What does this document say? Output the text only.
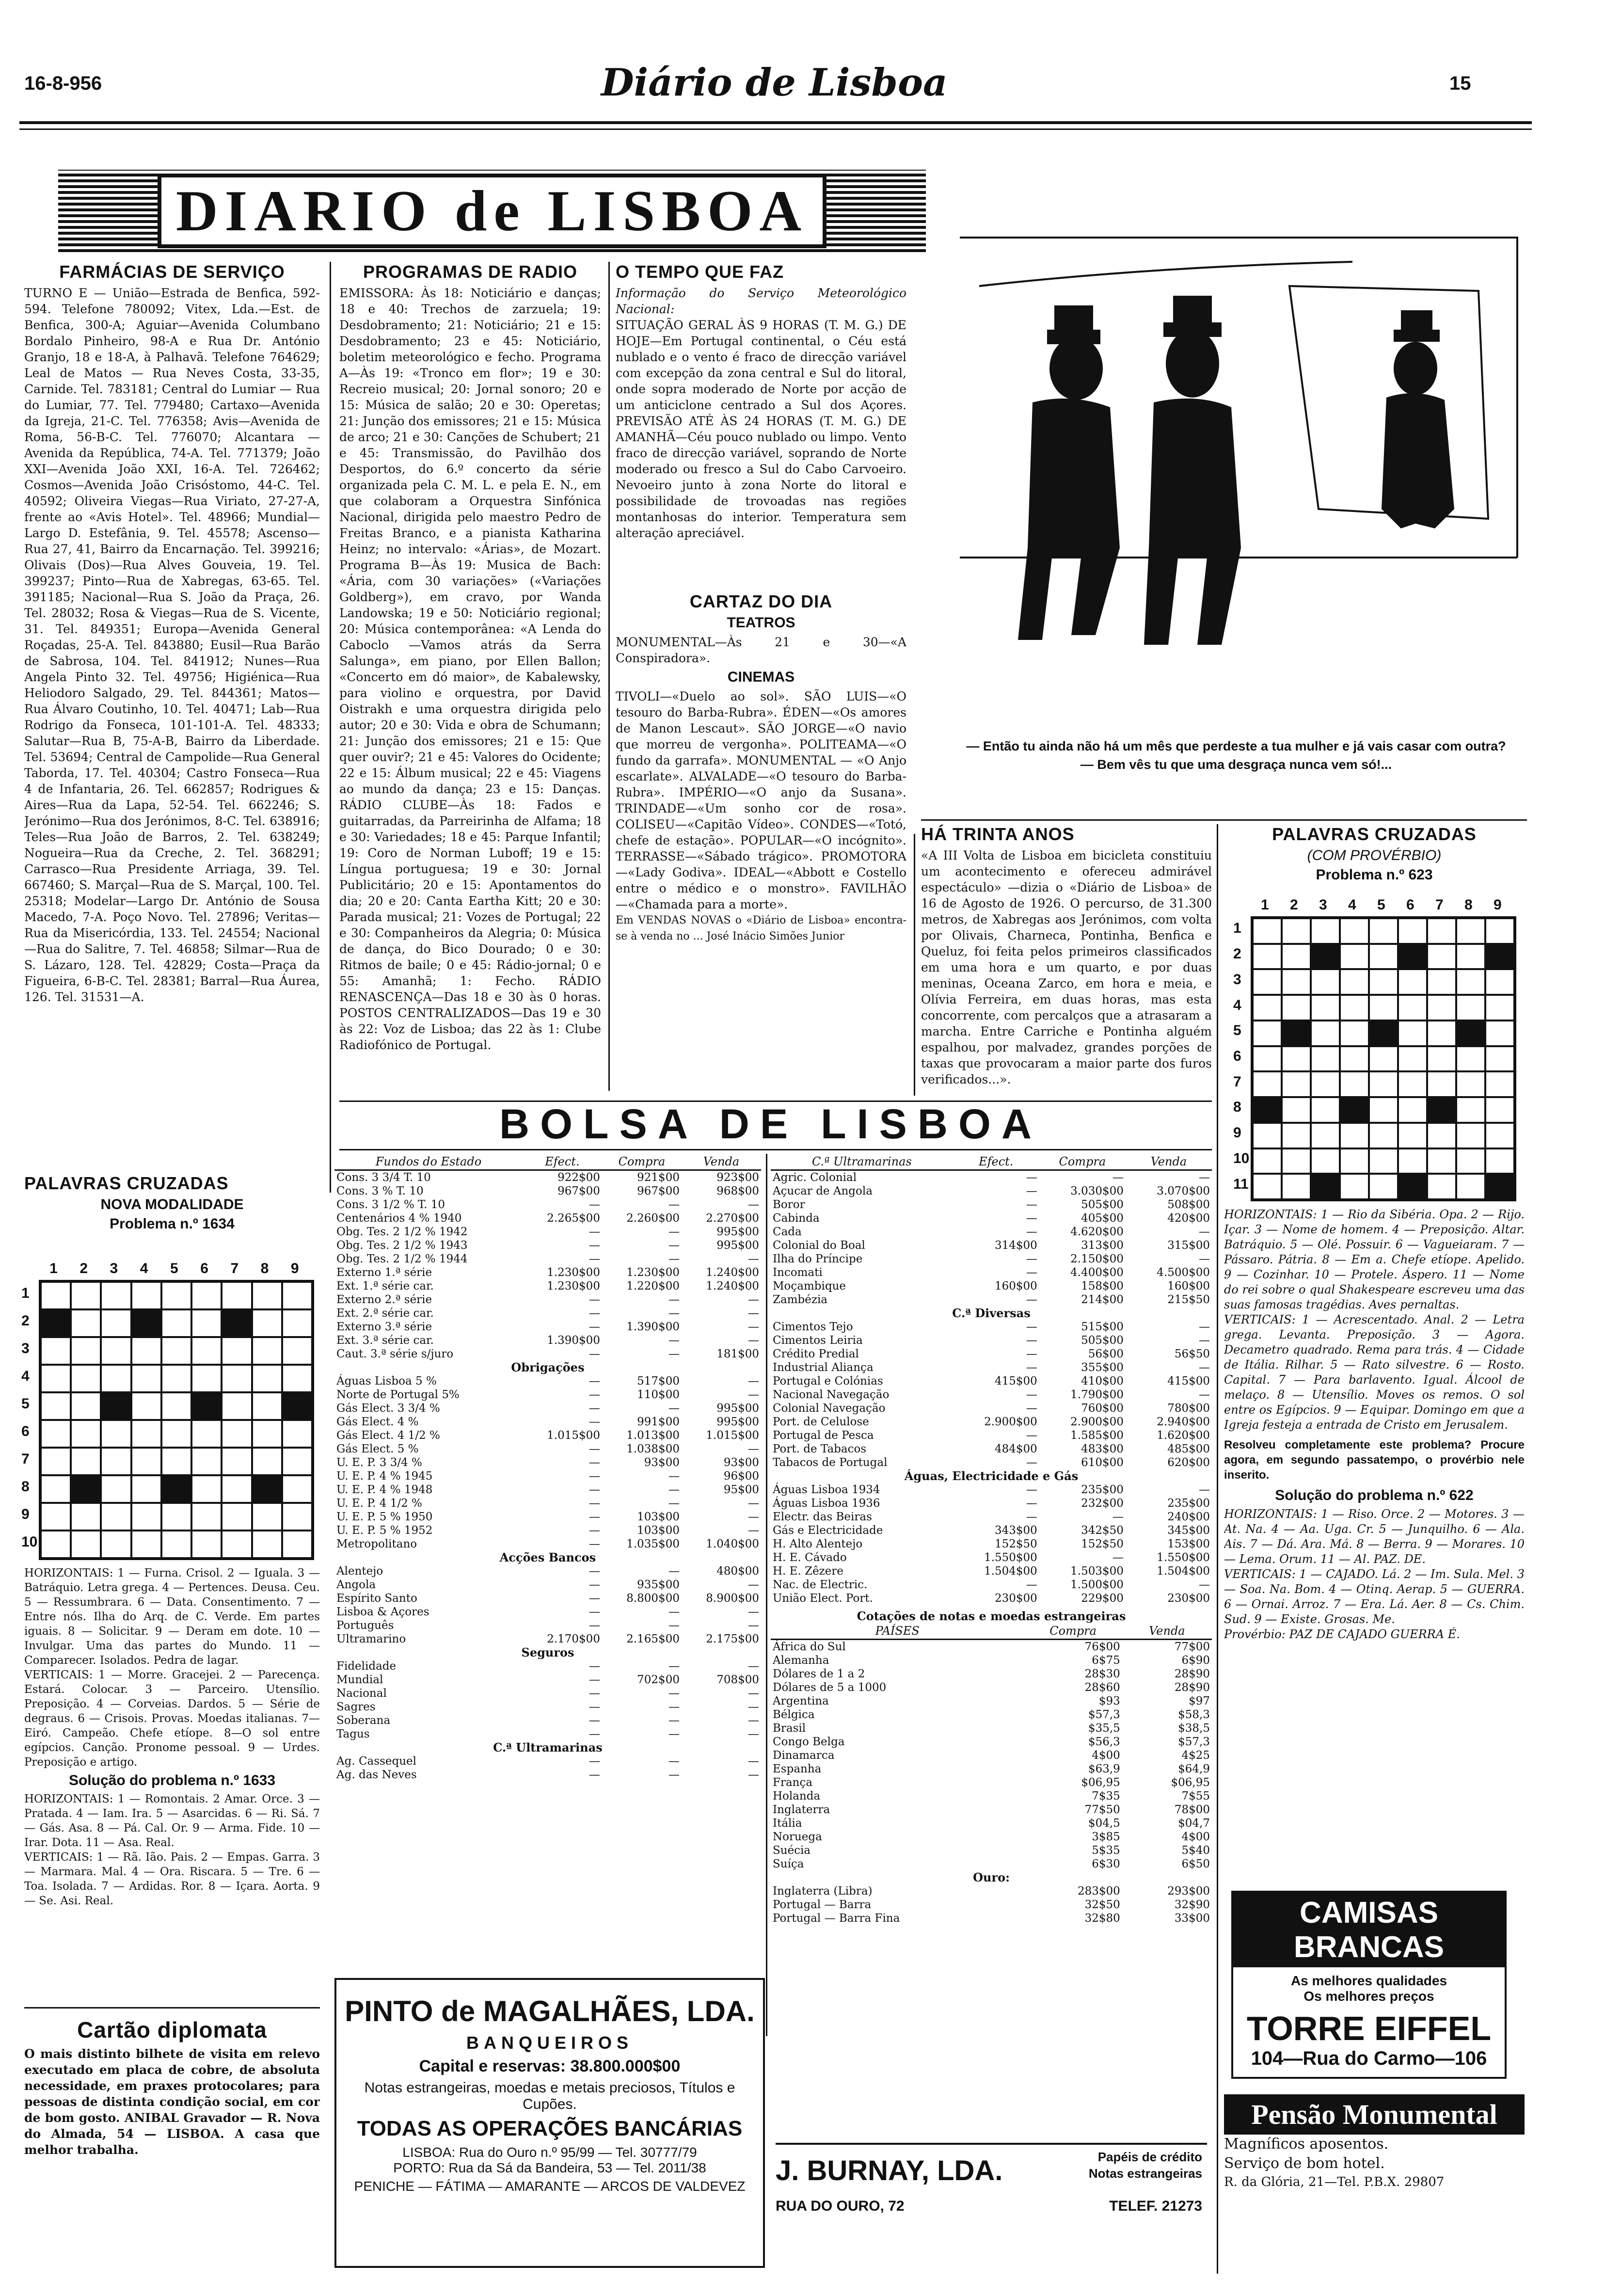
16-8-956	Diário de Lisboa	15
DIARIO de LISBOA
FARMÁCIAS DE SERVIÇO

TURNO E — União—Estrada de Benfica, 592-594. Telefone 780092; Vitex, Lda.—Est. de Benfica, 300-A; Aguiar—Avenida Columbano Bordalo Pinheiro, 98-A e Rua Dr. António Granjo, 18 e 18-A, à Palhavã. Telefone 764629; Leal de Matos — Rua Neves Costa, 33-35, Carnide. Tel. 783181; Central do Lumiar — Rua do Lumiar, 77. Tel. 779480; Cartaxo—Avenida da Igreja, 21-C. Tel. 776358; Avis—Avenida de Roma, 56-B-C. Tel. 776070; Alcantara —Avenida da República, 74-A. Tel. 771379; João XXI—Avenida João XXI, 16-A. Tel. 726462; Cosmos—Avenida João Crisóstomo, 44-C. Tel. 40592; Oliveira Viegas—Rua Viriato, 27-27-A, frente ao «Avis Hotel». Tel. 48966; Mundial—Largo D. Estefânia, 9. Tel. 45578; Ascenso—Rua 27, 41, Bairro da Encarnação. Tel. 399216; Olivais (Dos)—Rua Alves Gouveia, 19. Tel. 399237; Pinto—Rua de Xabregas, 63-65. Tel. 391185; Nacional—Rua S. João da Praça, 26. Tel. 28032; Rosa & Viegas—Rua de S. Vicente, 31. Tel. 849351; Europa—Avenida General Roçadas, 25-A. Tel. 843880; Eusil—Rua Barão de Sabrosa, 104. Tel. 841912; Nunes—Rua Angela Pinto 32. Tel. 49756; Higiénica—Rua Heliodoro Salgado, 29. Tel. 844361; Matos—Rua Álvaro Coutinho, 10. Tel. 40471; Lab—Rua Rodrigo da Fonseca, 101-101-A. Tel. 48333; Salutar—Rua B, 75-A-B, Bairro da Liberdade. Tel. 53694; Central de Campolide—Rua General Taborda, 17. Tel. 40304; Castro Fonseca—Rua 4 de Infantaria, 26. Tel. 662857; Rodrigues & Aires—Rua da Lapa, 52-54. Tel. 662246; S. Jerónimo—Rua dos Jerónimos, 8-C. Tel. 638916; Teles—Rua João de Barros, 2. Tel. 638249; Nogueira—Rua da Creche, 2. Tel. 368291; Carrasco—Rua Presidente Arriaga, 39. Tel. 667460; S. Marçal—Rua de S. Marçal, 100. Tel. 25318; Modelar—Largo Dr. António de Sousa Macedo, 7-A. Poço Novo. Tel. 27896; Veritas—Rua da Misericórdia, 133. Tel. 24554; Nacional—Rua do Salitre, 7. Tel. 46858; Silmar—Rua de S. Lázaro, 128. Tel. 42829; Costa—Praça da Figueira, 6-B-C. Tel. 28381; Barral—Rua Áurea, 126. Tel. 31531—A.

PALAVRAS CRUZADAS
NOVA MODALIDADE
Problema n.º 1634

HORIZONTAIS: 1 — Furna. Crisol. 2 — Iguala. 3 — Batráquio. Letra grega. 4 — Pertences. Deusa. Ceu. 5 — Ressumbrara. 6 — Data. Consentimento. 7 — Entre nós. Ilha do Arq. de C. Verde. Em partes iguais. 8 — Solicitar. 9 — Deram em dote. 10 — Invulgar. Uma das partes do Mundo. 11 — Comparecer. Isolados. Pedra de lagar.

VERTICAIS: 1 — Morre. Gracejei. 2 — Parecença. Estará. Colocar. 3 — Parceiro. Utensílio. Preposição. 4 — Corveias. Dardos. 5 — Série de degraus. 6 — Crisois. Provas. Moedas italianas. 7—Eiró. Campeão. Chefe etíope. 8—O sol entre egípcios. Canção. Pronome pessoal. 9 — Urdes. Preposição e artigo.

Solução do problema n.º 1633

HORIZONTAIS: 1 — Romontais. 2 Amar. Orce. 3 — Pratada. 4 — Iam. Ira. 5 — Asarcidas. 6 — Ri. Sá. 7 — Gás. Asa. 8 — Pá. Cal. Or. 9 — Arma. Fide. 10 — Irar. Dota. 11 — Asa. Real.

VERTICAIS: 1 — Rã. Ião. Pais. 2 — Empas. Garra. 3 — Marmara. Mal. 4 — Ora. Riscara. 5 — Tre. 6 — Toa. Isolada. 7 — Ardidas. Ror. 8 — Içara. Aorta. 9 — Se. Asi. Real.

Cartão diplomata

O mais distinto bilhete de visita em relevo executado em placa de cobre, de absoluta necessidade, em praxes protocolares; para pessoas de distinta condição social, em cor de bom gosto. ANIBAL Gravador — R. Nova do Almada, 54 — LISBOA. A casa que melhor trabalha.

PROGRAMAS DE RADIO

EMISSORA: Às 18: Noticiário e danças; 18 e 40: Trechos de zarzuela; 19: Desdobramento; 21: Noticiário; 21 e 15: Desdobramento; 23 e 45: Noticiário, boletim meteorológico e fecho. Programa A—Às 19: «Tronco em flor»; 19 e 30: Recreio musical; 20: Jornal sonoro; 20 e 15: Música de salão; 20 e 30: Operetas; 21: Junção dos emissores; 21 e 15: Música de arco; 21 e 30: Canções de Schubert; 21 e 45: Transmissão, do Pavilhão dos Desportos, do 6.º concerto da série organizada pela C. M. L. e pela E. N., em que colaboram a Orquestra Sinfónica Nacional, dirigida pelo maestro Pedro de Freitas Branco, e a pianista Katharina Heinz; no intervalo: «Árias», de Mozart. Programa B—Às 19: Musica de Bach: «Ária, com 30 variações» («Variações Goldberg»), em cravo, por Wanda Landowska; 19 e 50: Noticiário regional; 20: Música contemporânea: «A Lenda do Caboclo —Vamos atrás da Serra Salunga», em piano, por Ellen Ballon; «Concerto em dó maior», de Kabalewsky, para violino e orquestra, por David Oistrakh e uma orquestra dirigida pelo autor; 20 e 30: Vida e obra de Schumann; 21: Junção dos emissores; 21 e 15: Que quer ouvir?; 21 e 45: Valores do Ocidente; 22 e 15: Álbum musical; 22 e 45: Viagens ao mundo da dança; 23 e 15: Danças. RÁDIO CLUBE—Às 18: Fados e guitarradas, da Parreirinha de Alfama; 18 e 30: Variedades; 18 e 45: Parque Infantil; 19: Coro de Norman Luboff; 19 e 15: Língua portuguesa; 19 e 30: Jornal Publicitário; 20 e 15: Apontamentos do dia; 20 e 20: Canta Eartha Kitt; 20 e 30: Parada musical; 21: Vozes de Portugal; 22 e 30: Companheiros da Alegria; 0: Música de dança, do Bico Dourado; 0 e 30: Ritmos de baile; 0 e 45: Rádio-jornal; 0 e 55: Amanhã; 1: Fecho. RÁDIO RENASCENÇA—Das 18 e 30 às 0 horas. POSTOS CENTRALIZADOS—Das 19 e 30 às 22: Voz de Lisboa; das 22 às 1: Clube Radiofónico de Portugal.

O TEMPO QUE FAZ

Informação do Serviço Meteorológico Nacional:

SITUAÇÃO GERAL ÀS 9 HORAS (T. M. G.) DE HOJE—Em Portugal continental, o Céu está nublado e o vento é fraco de direcção variável com excepção da zona central e Sul do litoral, onde sopra moderado de Norte por acção de um anticiclone centrado a Sul dos Açores. PREVISÃO ATÉ ÀS 24 HORAS (T. M. G.) DE AMANHÃ—Céu pouco nublado ou limpo. Vento fraco de direcção variável, soprando de Norte moderado ou fresco a Sul do Cabo Carvoeiro. Nevoeiro junto à zona Norte do litoral e possibilidade de trovoadas nas regiões montanhosas do interior. Temperatura sem alteração apreciável.

CARTAZ DO DIA
TEATROS

MONUMENTAL—Às 21 e 30—«A Conspiradora».

CINEMAS

TIVOLI—«Duelo ao sol». SÃO LUIS—«O tesouro do Barba-Rubra». ÉDEN—«Os amores de Manon Lescaut». SÃO JORGE—«O navio que morreu de vergonha». POLITEAMA—«O fundo da garrafa». MONUMENTAL — «O Anjo escarlate». ALVALADE—«O tesouro do Barba-Rubra». IMPÉRIO—«O anjo da Susana». TRINDADE—«Um sonho cor de rosa». COLISEU—«Capitão Vídeo». CONDES—«Totó, chefe de estação». POPULAR—«O incógnito». TERRASSE—«Sábado trágico». PROMOTORA—«Lady Godiva». IDEAL—«Abbott e Costello entre o médico e o monstro». FAVILHÃO—«Chamada para a morte».

Em VENDAS NOVAS o «Diário de Lisboa» encontra-se à venda no ... José Inácio Simões Junior

— Então tu ainda não há um mês que perdeste a tua mulher e já vais casar com outra?
— Bem vês tu que uma desgraça nunca vem só!...
HÁ TRINTA ANOS

«A III Volta de Lisboa em bicicleta constituiu um acontecimento e ofereceu admirável espectáculo» —dizia o «Diário de Lisboa» de 16 de Agosto de 1926. O percurso, de 31.300 metros, de Xabregas aos Jerónimos, com volta por Olivais, Charneca, Pontinha, Benfica e Queluz, foi feita pelos primeiros classificados em uma hora e um quarto, e por duas meninas, Oceana Zarco, em hora e meia, e Olívia Ferreira, em duas horas, mas esta concorrente, com percalços que a atrasaram a marcha. Entre Carriche e Pontinha alguém espalhou, por malvadez, grandes porções de taxas que provocaram a maior parte dos furos verificados...».

PALAVRAS CRUZADAS
(COM PROVÉRBIO)
Problema n.º 623

HORIZONTAIS: 1 — Rio da Sibéria. Opa. 2 — Rijo. Içar. 3 — Nome de homem. 4 — Preposição. Altar. Batráquio. 5 — Olé. Possuir. 6 — Vagueiaram. 7 — Pássaro. Pátria. 8 — Em a. Chefe etíope. Apelido. 9 — Cozinhar. 10 — Protele. Áspero. 11 — Nome do rei sobre o qual Shakespeare escreveu uma das suas famosas tragédias. Aves pernaltas.

VERTICAIS: 1 — Acrescentado. Anal. 2 — Letra grega. Levanta. Preposição. 3 — Agora. Decametro quadrado. Rema para trás. 4 — Cidade de Itália. Rilhar. 5 — Rato silvestre. 6 — Rosto. Capital. 7 — Para barlavento. Igual. Álcool de melaço. 8 — Utensílio. Moves os remos. O sol entre os Egípcios. 9 — Equipar. Domingo em que a Igreja festeja a entrada de Cristo em Jerusalem.

Resolveu completamente este problema? Procure agora, em segundo passatempo, o provérbio nele inserito.

Solução do problema n.º 622

HORIZONTAIS: 1 — Riso. Orce. 2 — Motores. 3 — At. Na. 4 — Aa. Uga. Cr. 5 — Junquilho. 6 — Ala. Ais. 7 — Dá. Ara. Má. 8 — Berra. 9 — Morares. 10 — Lema. Orum. 11 — Al. PAZ. DE.

VERTICAIS: 1 — CAJADO. Lá. 2 — Im. Sula. Mel. 3 — Soa. Na. Bom. 4 — Otinq. Aerap. 5 — GUERRA. 6 — Ornai. Arroz. 7 — Era. Lá. Aer. 8 — Cs. Chim. Sud. 9 — Existe. Grosas. Me.

Provérbio: PAZ DE CAJADO GUERRA É.

CAMISAS BRANCAS
As melhores qualidades
Os melhores preços
TORRE EIFFEL
104—Rua do Carmo—106
Pensão Monumental

Magníficos aposentos.

Serviço de bom hotel.

R. da Glória, 21—Tel. P.B.X. 29807

BOLSA DE LISBOA
Fundos do Estado	Efect.	Compra	Venda
Cons. 3 3/4 T. 10	922$00	921$00	923$00
Cons. 3 % T. 10	967$00	967$00	968$00
Cons. 3 1/2 % T. 10	—	—	—
Centenários 4 % 1940	2.265$00	2.260$00	2.270$00
Obg. Tes. 2 1/2 % 1942	—	—	995$00
Obg. Tes. 2 1/2 % 1943	—	—	995$00
Obg. Tes. 2 1/2 % 1944	—	—	—
Externo 1.ª série	1.230$00	1.230$00	1.240$00
Ext. 1.ª série car.	1.230$00	1.220$00	1.240$00
Externo 2.ª série	—	—	—
Ext. 2.ª série car.	—	—	—
Externo 3.ª série	—	1.390$00	—
Ext. 3.ª série car.	1.390$00	—	—
Caut. 3.ª série s/juro	—	—	181$00
Obrigações			
Águas Lisboa 5 %	—	517$00	—
Norte de Portugal 5%	—	110$00	—
Gás Elect. 3 3/4 %	—	—	995$00
Gás Elect. 4 %	—	991$00	995$00
Gás Elect. 4 1/2 %	1.015$00	1.013$00	1.015$00
Gás Elect. 5 %	—	1.038$00	—
U. E. P. 3 3/4 %	—	93$00	93$00
U. E. P. 4 % 1945	—	—	96$00
U. E. P. 4 % 1948	—	—	95$00
U. E. P. 4 1/2 %	—	—	—
U. E. P. 5 % 1950	—	103$00	—
U. E. P. 5 % 1952	—	103$00	—
Metropolitano	—	1.035$00	1.040$00
Acções Bancos			
Alentejo	—	—	480$00
Angola	—	935$00	—
Espírito Santo	—	8.800$00	8.900$00
Lisboa & Açores	—	—	—
Português	—	—	—
Ultramarino	2.170$00	2.165$00	2.175$00
Seguros			
Fidelidade	—	—	—
Mundial	—	702$00	708$00
Nacional	—	—	—
Sagres	—	—	—
Soberana	—	—	—
Tagus	—	—	—
C.ª Ultramarinas			
Ag. Cassequel	—	—	—
Ag. das Neves	—	—	—
C.ª Ultramarinas	Efect.	Compra	Venda
Agric. Colonial	—	—	—
Açucar de Angola	—	3.030$00	3.070$00
Boror	—	505$00	508$00
Cabinda	—	405$00	420$00
Cada	—	4.620$00	—
Colonial do Boal	314$00	313$00	315$00
Ilha do Príncipe	—	2.150$00	—
Incomati	—	4.400$00	4.500$00
Moçambique	160$00	158$00	160$00
Zambézia	—	214$00	215$50
C.ª Diversas			
Cimentos Tejo	—	515$00	—
Cimentos Leiria	—	505$00	—
Crédito Predial	—	56$00	56$50
Industrial Aliança	—	355$00	—
Portugal e Colónias	415$00	410$00	415$00
Nacional Navegação	—	1.790$00	—
Colonial Navegação	—	760$00	780$00
Port. de Celulose	2.900$00	2.900$00	2.940$00
Portugal de Pesca	—	1.585$00	1.620$00
Port. de Tabacos	484$00	483$00	485$00
Tabacos de Portugal	—	610$00	620$00
Águas, Electricidade e Gás			
Águas Lisboa 1934	—	235$00	—
Águas Lisboa 1936	—	232$00	235$00
Electr. das Beiras	—	—	240$00
Gás e Electricidade	343$00	342$50	345$00
H. Alto Alentejo	152$50	152$50	153$00
H. E. Cávado	1.550$00	—	1.550$00
H. E. Zêzere	1.504$00	1.503$00	1.504$00
Nac. de Electric.	—	1.500$00	—
União Elect. Port.	230$00	229$00	230$00
Cotações de notas e moedas estrangeiras		
PAÍSES	Compra	Venda
África do Sul	76$00	77$00
Alemanha	6$75	6$90
Dólares de 1 a 2	28$30	28$90
Dólares de 5 a 1000	28$60	28$90
Argentina	$93	$97
Bélgica	$57,3	$58,3
Brasil	$35,5	$38,5
Congo Belga	$56,3	$57,3
Dinamarca	4$00	4$25
Espanha	$63,9	$64,9
França	$06,95	$06,95
Holanda	7$35	7$55
Inglaterra	77$50	78$00
Itália	$04,5	$04,7
Noruega	3$85	4$00
Suécia	5$35	5$40
Suíça	6$30	6$50
Ouro:		
Inglaterra (Libra)	283$00	293$00
Portugal — Barra	32$50	32$90
Portugal — Barra Fina	32$80	33$00
PINTO de MAGALHÃES, LDA.
BANQUEIROS
Capital e reservas: 38.800.000$00
Notas estrangeiras, moedas e metais preciosos, Títulos e Cupões.
TODAS AS OPERAÇÕES BANCÁRIAS
LISBOA: Rua do Ouro n.º 95/99 — Tel. 30777/79
PORTO: Rua da Sá da Bandeira, 53 — Tel. 2011/38
PENICHE — FÁTIMA — AMARANTE — ARCOS DE VALDEVEZ	J. BURNAY, LDA.	Papéis de crédito
Notas estrangeiras
RUA DO OURO, 72	TELEF. 21273
1 2 3 4 5 6 7 8 9
1
2
3
4
5
6
7
8
9
10
1 2 3 4 5 6 7 8 9
1
2
3
4
5
6
7
8
9
10
11
